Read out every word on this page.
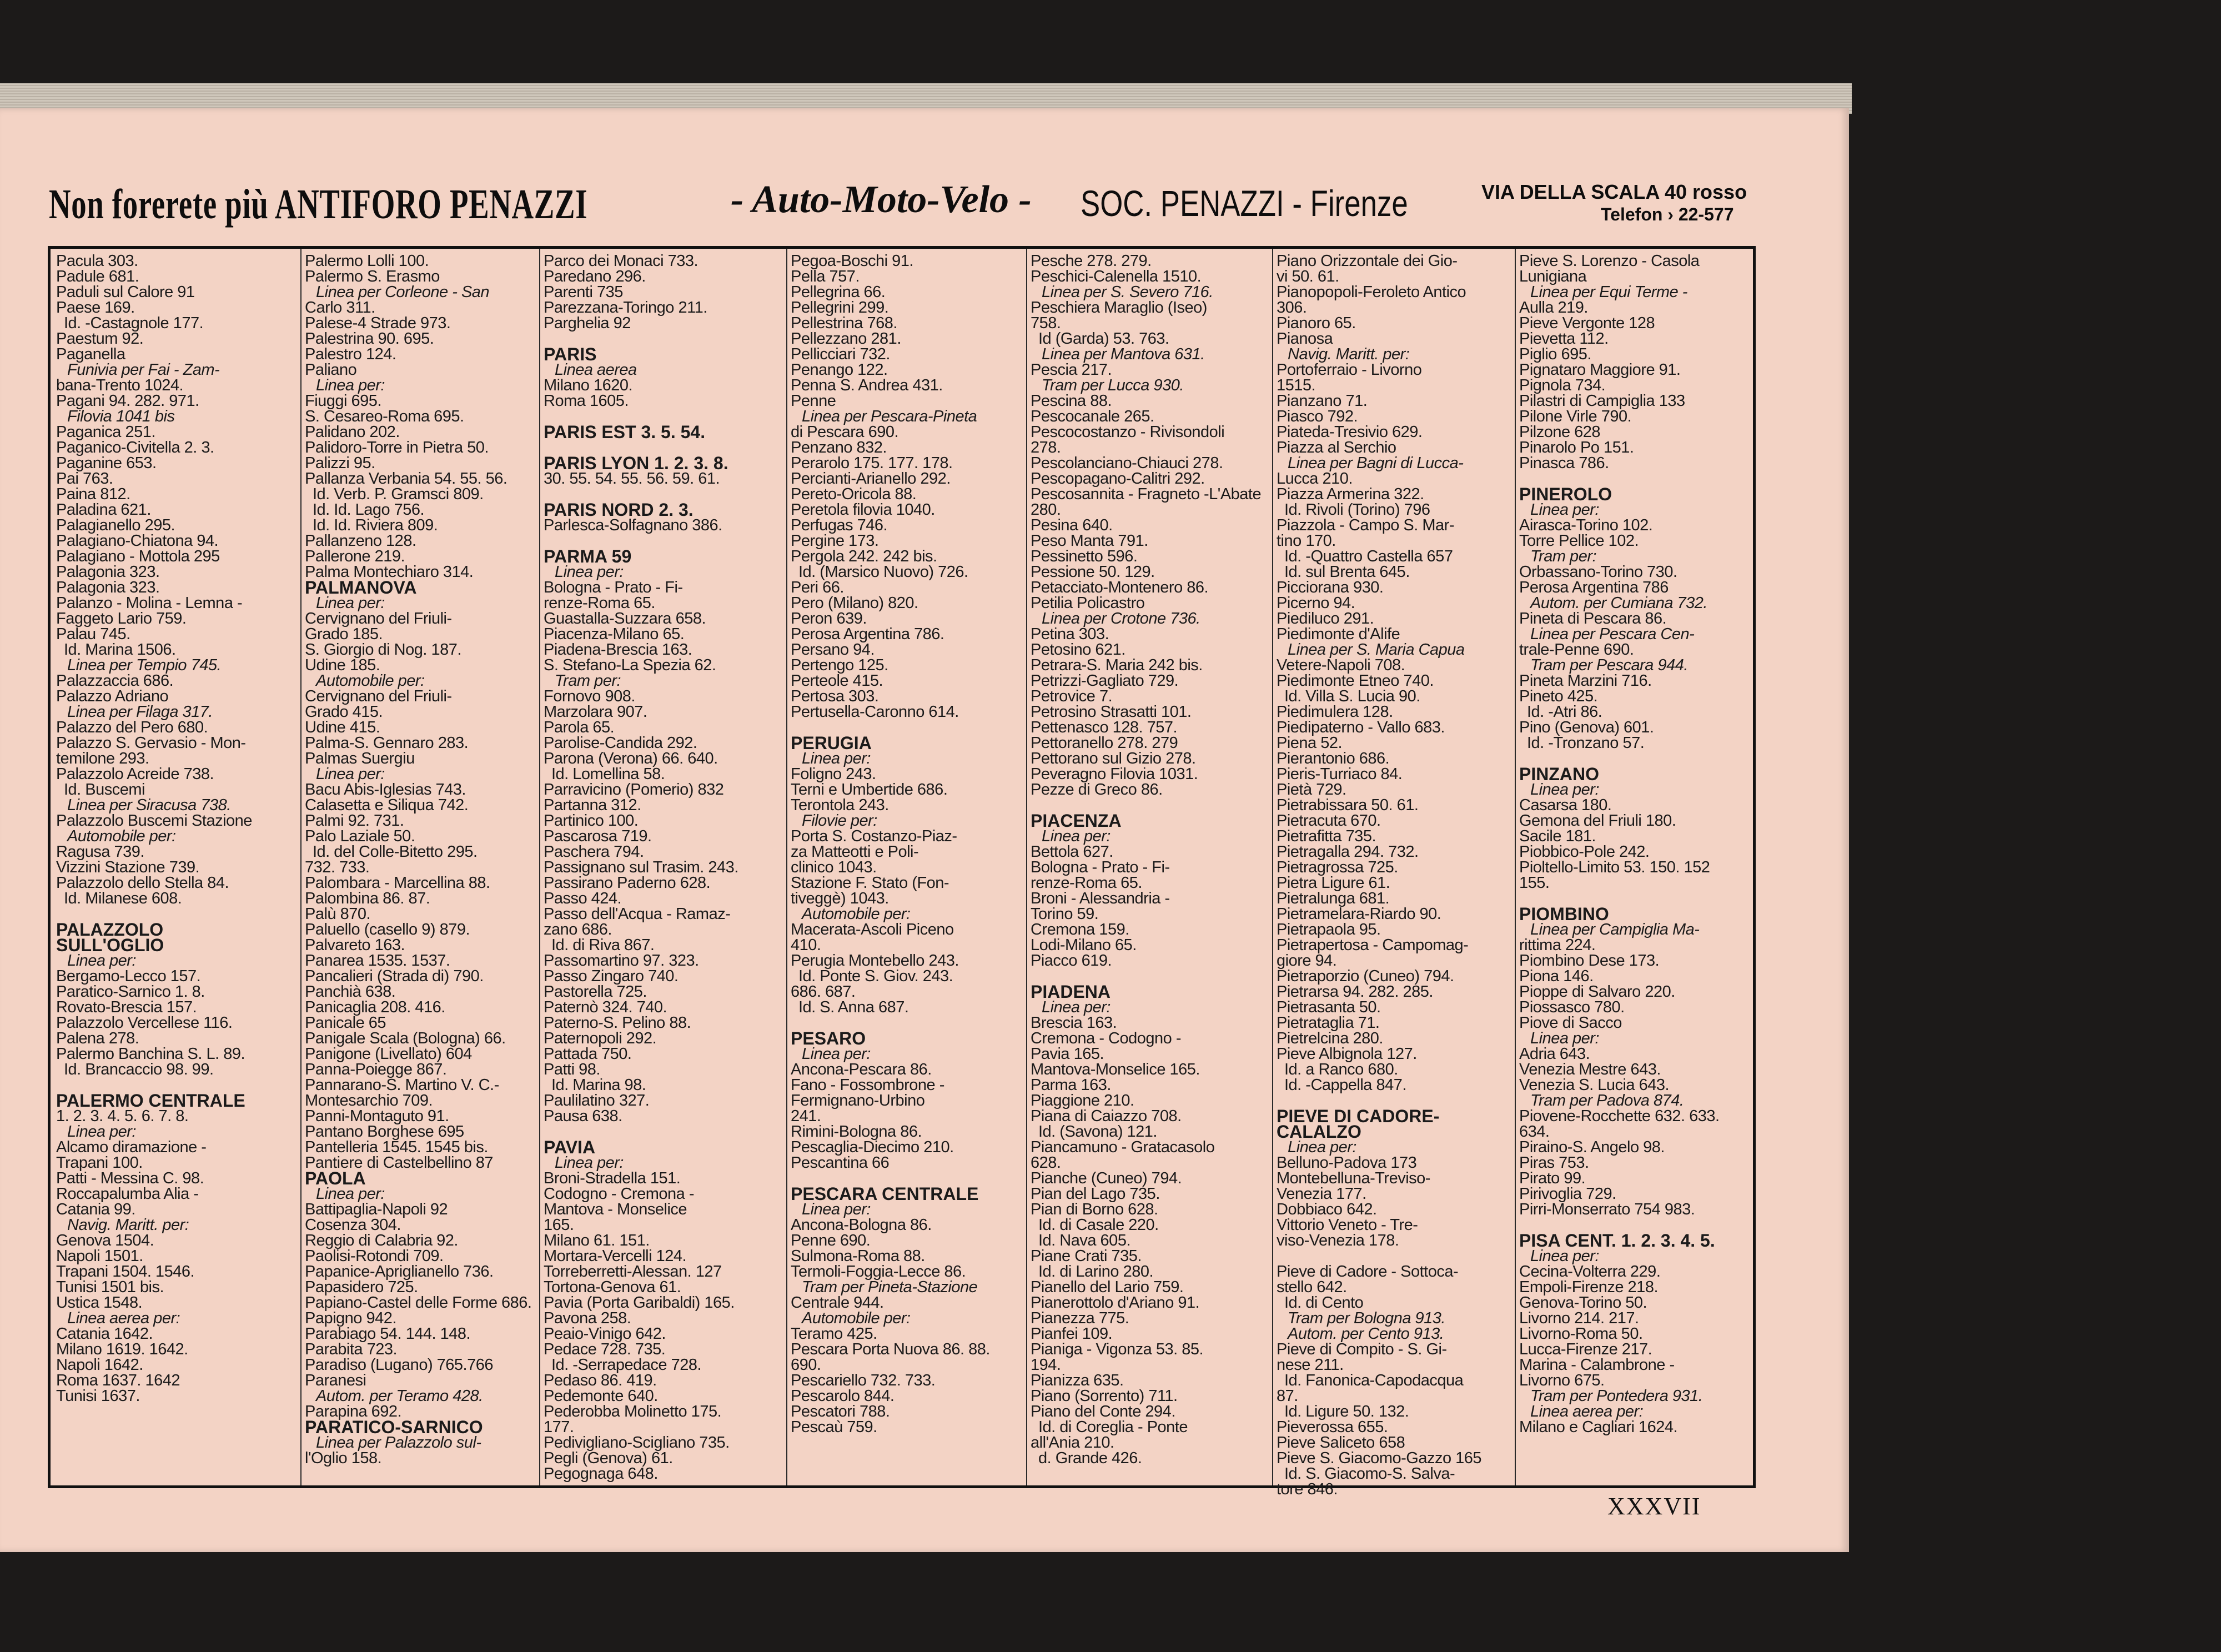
Non forerete più ANTIFORO PENAZZI	- Auto-Moto-Velo - SOC. PENAZZI - Firenze	VIA DELLA SCALA 40 rosso
Telefon › 22-577
Pacula 303.
Padule 681.
Paduli sul Calore 91
Paese 169.
Id. -Castagnole 177.
Paestum 92.
Paganella
Funivia per Fai - Zam-
bana-Trento 1024.
Pagani 94. 282. 971.
Filovia 1041 bis
Paganica 251.
Paganico-Civitella 2. 3.
Paganine 653.
Pai 763.
Paina 812.
Paladina 621.
Palagianello 295.
Palagiano-Chiatona 94.
Palagiano - Mottola 295
Palagonia 323.
Palagonia 323.
Palanzo - Molina - Lemna -
Faggeto Lario 759.
Palau 745.
Id. Marina 1506.
Linea per Tempio 745.
Palazzaccia 686.
Palazzo Adriano
Linea per Filaga 317.
Palazzo del Pero 680.
Palazzo S. Gervasio - Mon-
temilone 293.
Palazzolo Acreide 738.
Id. Buscemi
Linea per Siracusa 738.
Palazzolo Buscemi Stazione
Automobile per:
Ragusa 739.
Vizzini Stazione 739.
Palazzolo dello Stella 84.
Id. Milanese 608.

PALAZZOLO
SULL'OGLIO
Linea per:
Bergamo-Lecco 157.
Paratico-Sarnico 1. 8.
Rovato-Brescia 157.
Palazzolo Vercellese 116.
Palena 278.
Palermo Banchina S. L. 89.
Id. Brancaccio 98. 99.

PALERMO CENTRALE
1. 2. 3. 4. 5. 6. 7. 8.
Linea per:
Alcamo diramazione -
Trapani 100.
Patti - Messina C. 98.
Roccapalumba Alia -
Catania 99.
Navig. Maritt. per:
Genova 1504.
Napoli 1501.
Trapani 1504. 1546.
Tunisi 1501 bis.
Ustica 1548.
Linea aerea per:
Catania 1642.
Milano 1619. 1642.
Napoli 1642.
Roma 1637. 1642
Tunisi 1637.
Palermo Lolli 100.
Palermo S. Erasmo
Linea per Corleone - San
Carlo 311.
Palese-4 Strade 973.
Palestrina 90. 695.
Palestro 124.
Paliano
Linea per:
Fiuggi 695.
S. Cesareo-Roma 695.
Palidano 202.
Palidoro-Torre in Pietra 50.
Palizzi 95.
Pallanza Verbania 54. 55. 56.
Id. Verb. P. Gramsci 809.
Id. Id. Lago 756.
Id. Id. Riviera 809.
Pallanzeno 128.
Pallerone 219.
Palma Montechiaro 314.
PALMANOVA
Linea per:
Cervignano del Friuli-
Grado 185.
S. Giorgio di Nog. 187.
Udine 185.
Automobile per:
Cervignano del Friuli-
Grado 415.
Udine 415.
Palma-S. Gennaro 283.
Palmas Suergiu
Linea per:
Bacu Abis-Iglesias 743.
Calasetta e Siliqua 742.
Palmi 92. 731.
Palo Laziale 50.
Id. del Colle-Bitetto 295.
732. 733.
Palombara - Marcellina 88.
Palombina 86. 87.
Palù 870.
Paluello (casello 9) 879.
Palvareto 163.
Panarea 1535. 1537.
Pancalieri (Strada di) 790.
Panchià 638.
Panicaglia 208. 416.
Panicale 65
Panigale Scala (Bologna) 66.
Panigone (Livellato) 604
Panna-Poiegge 867.
Pannarano-S. Martino V. C.-
Montesarchio 709.
Panni-Montaguto 91.
Pantano Borghese 695
Pantelleria 1545. 1545 bis.
Pantiere di Castelbellino 87
PAOLA
Linea per:
Battipaglia-Napoli 92
Cosenza 304.
Reggio di Calabria 92.
Paolisi-Rotondi 709.
Papanice-Apriglianello 736.
Papasidero 725.
Papiano-Castel delle Forme 686.
Papigno 942.
Parabiago 54. 144. 148.
Parabita 723.
Paradiso (Lugano) 765.766
Paranesi
Autom. per Teramo 428.
Parapina 692.
PARATICO-SARNICO
Linea per Palazzolo sul-
l'Oglio 158.
Parco dei Monaci 733.
Paredano 296.
Parenti 735
Parezzana-Toringo 211.
Parghelia 92

PARIS
Linea aerea
Milano 1620.
Roma 1605.

PARIS EST 3. 5. 54.

PARIS LYON 1. 2. 3. 8.
30. 55. 54. 55. 56. 59. 61.

PARIS NORD 2. 3.
Parlesca-Solfagnano 386.

PARMA 59
Linea per:
Bologna - Prato - Fi-
renze-Roma 65.
Guastalla-Suzzara 658.
Piacenza-Milano 65.
Piadena-Brescia 163.
S. Stefano-La Spezia 62.
Tram per:
Fornovo 908.
Marzolara 907.
Parola 65.
Parolise-Candida 292.
Parona (Verona) 66. 640.
Id. Lomellina 58.
Parravicino (Pomerio) 832
Partanna 312.
Partinico 100.
Pascarosa 719.
Paschera 794.
Passignano sul Trasim. 243.
Passirano Paderno 628.
Passo 424.
Passo dell'Acqua - Ramaz-
zano 686.
Id. di Riva 867.
Passomartino 97. 323.
Passo Zingaro 740.
Pastorella 725.
Paternò 324. 740.
Paterno-S. Pelino 88.
Paternopoli 292.
Pattada 750.
Patti 98.
Id. Marina 98.
Paulilatino 327.
Pausa 638.

PAVIA
Linea per:
Broni-Stradella 151.
Codogno - Cremona -
Mantova - Monselice
165.
Milano 61. 151.
Mortara-Vercelli 124.
Torreberretti-Alessan. 127
Tortona-Genova 61.
Pavia (Porta Garibaldi) 165.
Pavona 258.
Peaio-Vinigo 642.
Pedace 728. 735.
Id. -Serrapedace 728.
Pedaso 86. 419.
Pedemonte 640.
Pederobba Molinetto 175.
177.
Pedivigliano-Scigliano 735.
Pegli (Genova) 61.
Pegognaga 648.
Pegoa-Boschi 91.
Pella 757.
Pellegrina 66.
Pellegrini 299.
Pellestrina 768.
Pellezzano 281.
Pellicciari 732.
Penango 122.
Penna S. Andrea 431.
Penne
Linea per Pescara-Pineta
di Pescara 690.
Penzano 832.
Perarolo 175. 177. 178.
Percianti-Arianello 292.
Pereto-Oricola 88.
Peretola filovia 1040.
Perfugas 746.
Pergine 173.
Pergola 242. 242 bis.
Id. (Marsico Nuovo) 726.
Peri 66.
Pero (Milano) 820.
Peron 639.
Perosa Argentina 786.
Persano 94.
Pertengo 125.
Perteole 415.
Pertosa 303.
Pertusella-Caronno 614.

PERUGIA
Linea per:
Foligno 243.
Terni e Umbertide 686.
Terontola 243.
Filovie per:
Porta S. Costanzo-Piaz-
za Matteotti e Poli-
clinico 1043.
Stazione F. Stato (Fon-
tiveggè) 1043.
Automobile per:
Macerata-Ascoli Piceno
410.
Perugia Montebello 243.
Id. Ponte S. Giov. 243.
686. 687.
Id. S. Anna 687.

PESARO
Linea per:
Ancona-Pescara 86.
Fano - Fossombrone -
Fermignano-Urbino
241.
Rimini-Bologna 86.
Pescaglia-Diecimo 210.
Pescantina 66

PESCARA CENTRALE
Linea per:
Ancona-Bologna 86.
Penne 690.
Sulmona-Roma 88.
Termoli-Foggia-Lecce 86.
Tram per Pineta-Stazione
Centrale 944.
Automobile per:
Teramo 425.
Pescara Porta Nuova 86. 88.
690.
Pescariello 732. 733.
Pescarolo 844.
Pescatori 788.
Pescaù 759.
Pesche 278. 279.
Peschici-Calenella 1510.
Linea per S. Severo 716.
Peschiera Maraglio (Iseo)
758.
Id (Garda) 53. 763.
Linea per Mantova 631.
Pescia 217.
Tram per Lucca 930.
Pescina 88.
Pescocanale 265.
Pescocostanzo - Rivisondoli
278.
Pescolanciano-Chiauci 278.
Pescopagano-Calitri 292.
Pescosannita - Fragneto -L'Abate
280.
Pesina 640.
Peso Manta 791.
Pessinetto 596.
Pessione 50. 129.
Petacciato-Montenero 86.
Petilia Policastro
Linea per Crotone 736.
Petina 303.
Petosino 621.
Petrara-S. Maria 242 bis.
Petrizzi-Gagliato 729.
Petrovice 7.
Petrosino Strasatti 101.
Pettenasco 128. 757.
Pettoranello 278. 279
Pettorano sul Gizio 278.
Peveragno Filovia 1031.
Pezze di Greco 86.

PIACENZA
Linea per:
Bettola 627.
Bologna - Prato - Fi-
renze-Roma 65.
Broni - Alessandria -
Torino 59.
Cremona 159.
Lodi-Milano 65.
Piacco 619.

PIADENA
Linea per:
Brescia 163.
Cremona - Codogno -
Pavia 165.
Mantova-Monselice 165.
Parma 163.
Piaggione 210.
Piana di Caiazzo 708.
Id. (Savona) 121.
Piancamuno - Gratacasolo
628.
Pianche (Cuneo) 794.
Pian del Lago 735.
Pian di Borno 628.
Id. di Casale 220.
Id. Nava 605.
Piane Crati 735.
Id. di Larino 280.
Pianello del Lario 759.
Pianerottolo d'Ariano 91.
Pianezza 775.
Pianfei 109.
Pianiga - Vigonza 53. 85.
194.
Pianizza 635.
Piano (Sorrento) 711.
Piano del Conte 294.
Id. di Coreglia - Ponte
all'Ania 210.
d. Grande 426.
Piano Orizzontale dei Gio-
vi 50. 61.
Pianopopoli-Feroleto Antico
306.
Pianoro 65.
Pianosa
Navig. Maritt. per:
Portoferraio - Livorno
1515.
Pianzano 71.
Piasco 792.
Piateda-Tresivio 629.
Piazza al Serchio
Linea per Bagni di Lucca-
Lucca 210.
Piazza Armerina 322.
Id. Rivoli (Torino) 796
Piazzola - Campo S. Mar-
tino 170.
Id. -Quattro Castella 657
Id. sul Brenta 645.
Picciorana 930.
Picerno 94.
Piediluco 291.
Piedimonte d'Alife
Linea per S. Maria Capua
Vetere-Napoli 708.
Piedimonte Etneo 740.
Id. Villa S. Lucia 90.
Piedimulera 128.
Piedipaterno - Vallo 683.
Piena 52.
Pierantonio 686.
Pieris-Turriaco 84.
Pietà 729.
Pietrabissara 50. 61.
Pietracuta 670.
Pietrafitta 735.
Pietragalla 294. 732.
Pietragrossa 725.
Pietra Ligure 61.
Pietralunga 681.
Pietramelara-Riardo 90.
Pietrapaola 95.
Pietrapertosa - Campomag-
giore 94.
Pietraporzio (Cuneo) 794.
Pietrarsa 94. 282. 285.
Pietrasanta 50.
Pietrataglia 71.
Pietrelcina 280.
Pieve Albignola 127.
Id. a Ranco 680.
Id. -Cappella 847.

PIEVE DI CADORE-
CALALZO
Linea per:
Belluno-Padova 173
Montebelluna-Treviso-
Venezia 177.
Dobbiaco 642.
Vittorio Veneto - Tre-
viso-Venezia 178.

Pieve di Cadore - Sottoca-
stello 642.
Id. di Cento
Tram per Bologna 913.
Autom. per Cento 913.
Pieve di Compito - S. Gi-
nese 211.
Id. Fanonica-Capodacqua
87.
Id. Ligure 50. 132.
Pieverossa 655.
Pieve Saliceto 658
Pieve S. Giacomo-Gazzo 165
Id. S. Giacomo-S. Salva-
tore 846.
Pieve S. Lorenzo - Casola
Lunigiana
Linea per Equi Terme -
Aulla 219.
Pieve Vergonte 128
Pievetta 112.
Piglio 695.
Pignataro Maggiore 91.
Pignola 734.
Pilastri di Campiglia 133
Pilone Virle 790.
Pilzone 628
Pinarolo Po 151.
Pinasca 786.

PINEROLO
Linea per:
Airasca-Torino 102.
Torre Pellice 102.
Tram per:
Orbassano-Torino 730.
Perosa Argentina 786
Autom. per Cumiana 732.
Pineta di Pescara 86.
Linea per Pescara Cen-
trale-Penne 690.
Tram per Pescara 944.
Pineta Marzini 716.
Pineto 425.
Id. -Atri 86.
Pino (Genova) 601.
Id. -Tronzano 57.

PINZANO
Linea per:
Casarsa 180.
Gemona del Friuli 180.
Sacile 181.
Piobbico-Pole 242.
Pioltello-Limito 53. 150. 152
155.

PIOMBINO
Linea per Campiglia Ma-
rittima 224.
Piombino Dese 173.
Piona 146.
Pioppe di Salvaro 220.
Piossasco 780.
Piove di Sacco
Linea per:
Adria 643.
Venezia Mestre 643.
Venezia S. Lucia 643.
Tram per Padova 874.
Piovene-Rocchette 632. 633.
634.
Piraino-S. Angelo 98.
Piras 753.
Pirato 99.
Pirivoglia 729.
Pirri-Monserrato 754 983.

PISA CENT. 1. 2. 3. 4. 5.
Linea per:
Cecina-Volterra 229.
Empoli-Firenze 218.
Genova-Torino 50.
Livorno 214. 217.
Livorno-Roma 50.
Lucca-Firenze 217.
Marina - Calambrone -
Livorno 675.
Tram per Pontedera 931.
Linea aerea per:
Milano e Cagliari 1624.
XXXVII
